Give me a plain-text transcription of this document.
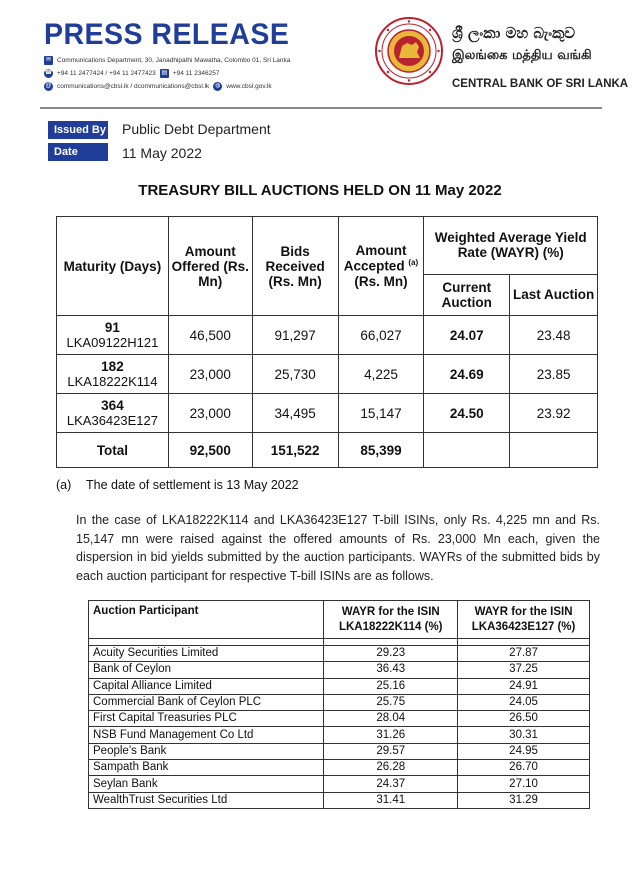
PRESS RELEASE
✉ Communications Department, 30, Janadhipathi Mawatha, Colombo 01, Sri Lanka
☎ +94 11 2477424 / +94 11 2477423 ▤ +94 11 2346257
@ communications@cbsl.lk / dcommunications@cbsl.lk ◍ www.cbsl.gov.lk
ශ්‍රී ලංකා මහ බැංකුව
இலங்கை மத்திய வங்கி
CENTRAL BANK OF SRI LANKA
Issued By Public Debt Department
Date	11 May 2022
TREASURY BILL AUCTIONS HELD ON 11 May 2022
Maturity (Days)	Amount Offered (Rs. Mn)	Bids Received (Rs. Mn)	Amount Accepted $^{(a)}$
(Rs. Mn)	Weighted Average Yield Rate (WAYR) (%)	
				Current Auction	Last Auction
91
LKA09122H121	46,500	91,297	66,027	24.07	23.48
182
LKA18222K114	23,000	25,730	4,225	24.69	23.85
364
LKA36423E127	23,000	34,495	15,147	24.50	23.92
Total	92,500	151,522	85,399		
(a) The date of settlement is 13 May 2022
In the case of LKA18222K114 and LKA36423E127 T-bill ISINs, only Rs. 4,225 mn and Rs. 15,147 mn were raised against the offered amounts of Rs. 23,000 Mn each, given the dispersion in bid yields submitted by the auction participants. WAYRs of the submitted bids by each auction participant for respective T-bill ISINs are as follows.
Auction Participant	WAYR for the ISIN LKA18222K114 (%)	WAYR for the ISIN LKA36423E127 (%)

Acuity Securities Limited	29.23	27.87
Bank of Ceylon	36.43	37.25
Capital Alliance Limited	25.16	24.91
Commercial Bank of Ceylon PLC	25.75	24.05
First Capital Treasuries PLC	28.04	26.50
NSB Fund Management Co Ltd	31.26	30.31
People’s Bank	29.57	24.95
Sampath Bank	26.28	26.70
Seylan Bank	24.37	27.10
WealthTrust Securities Ltd	31.41	31.29
